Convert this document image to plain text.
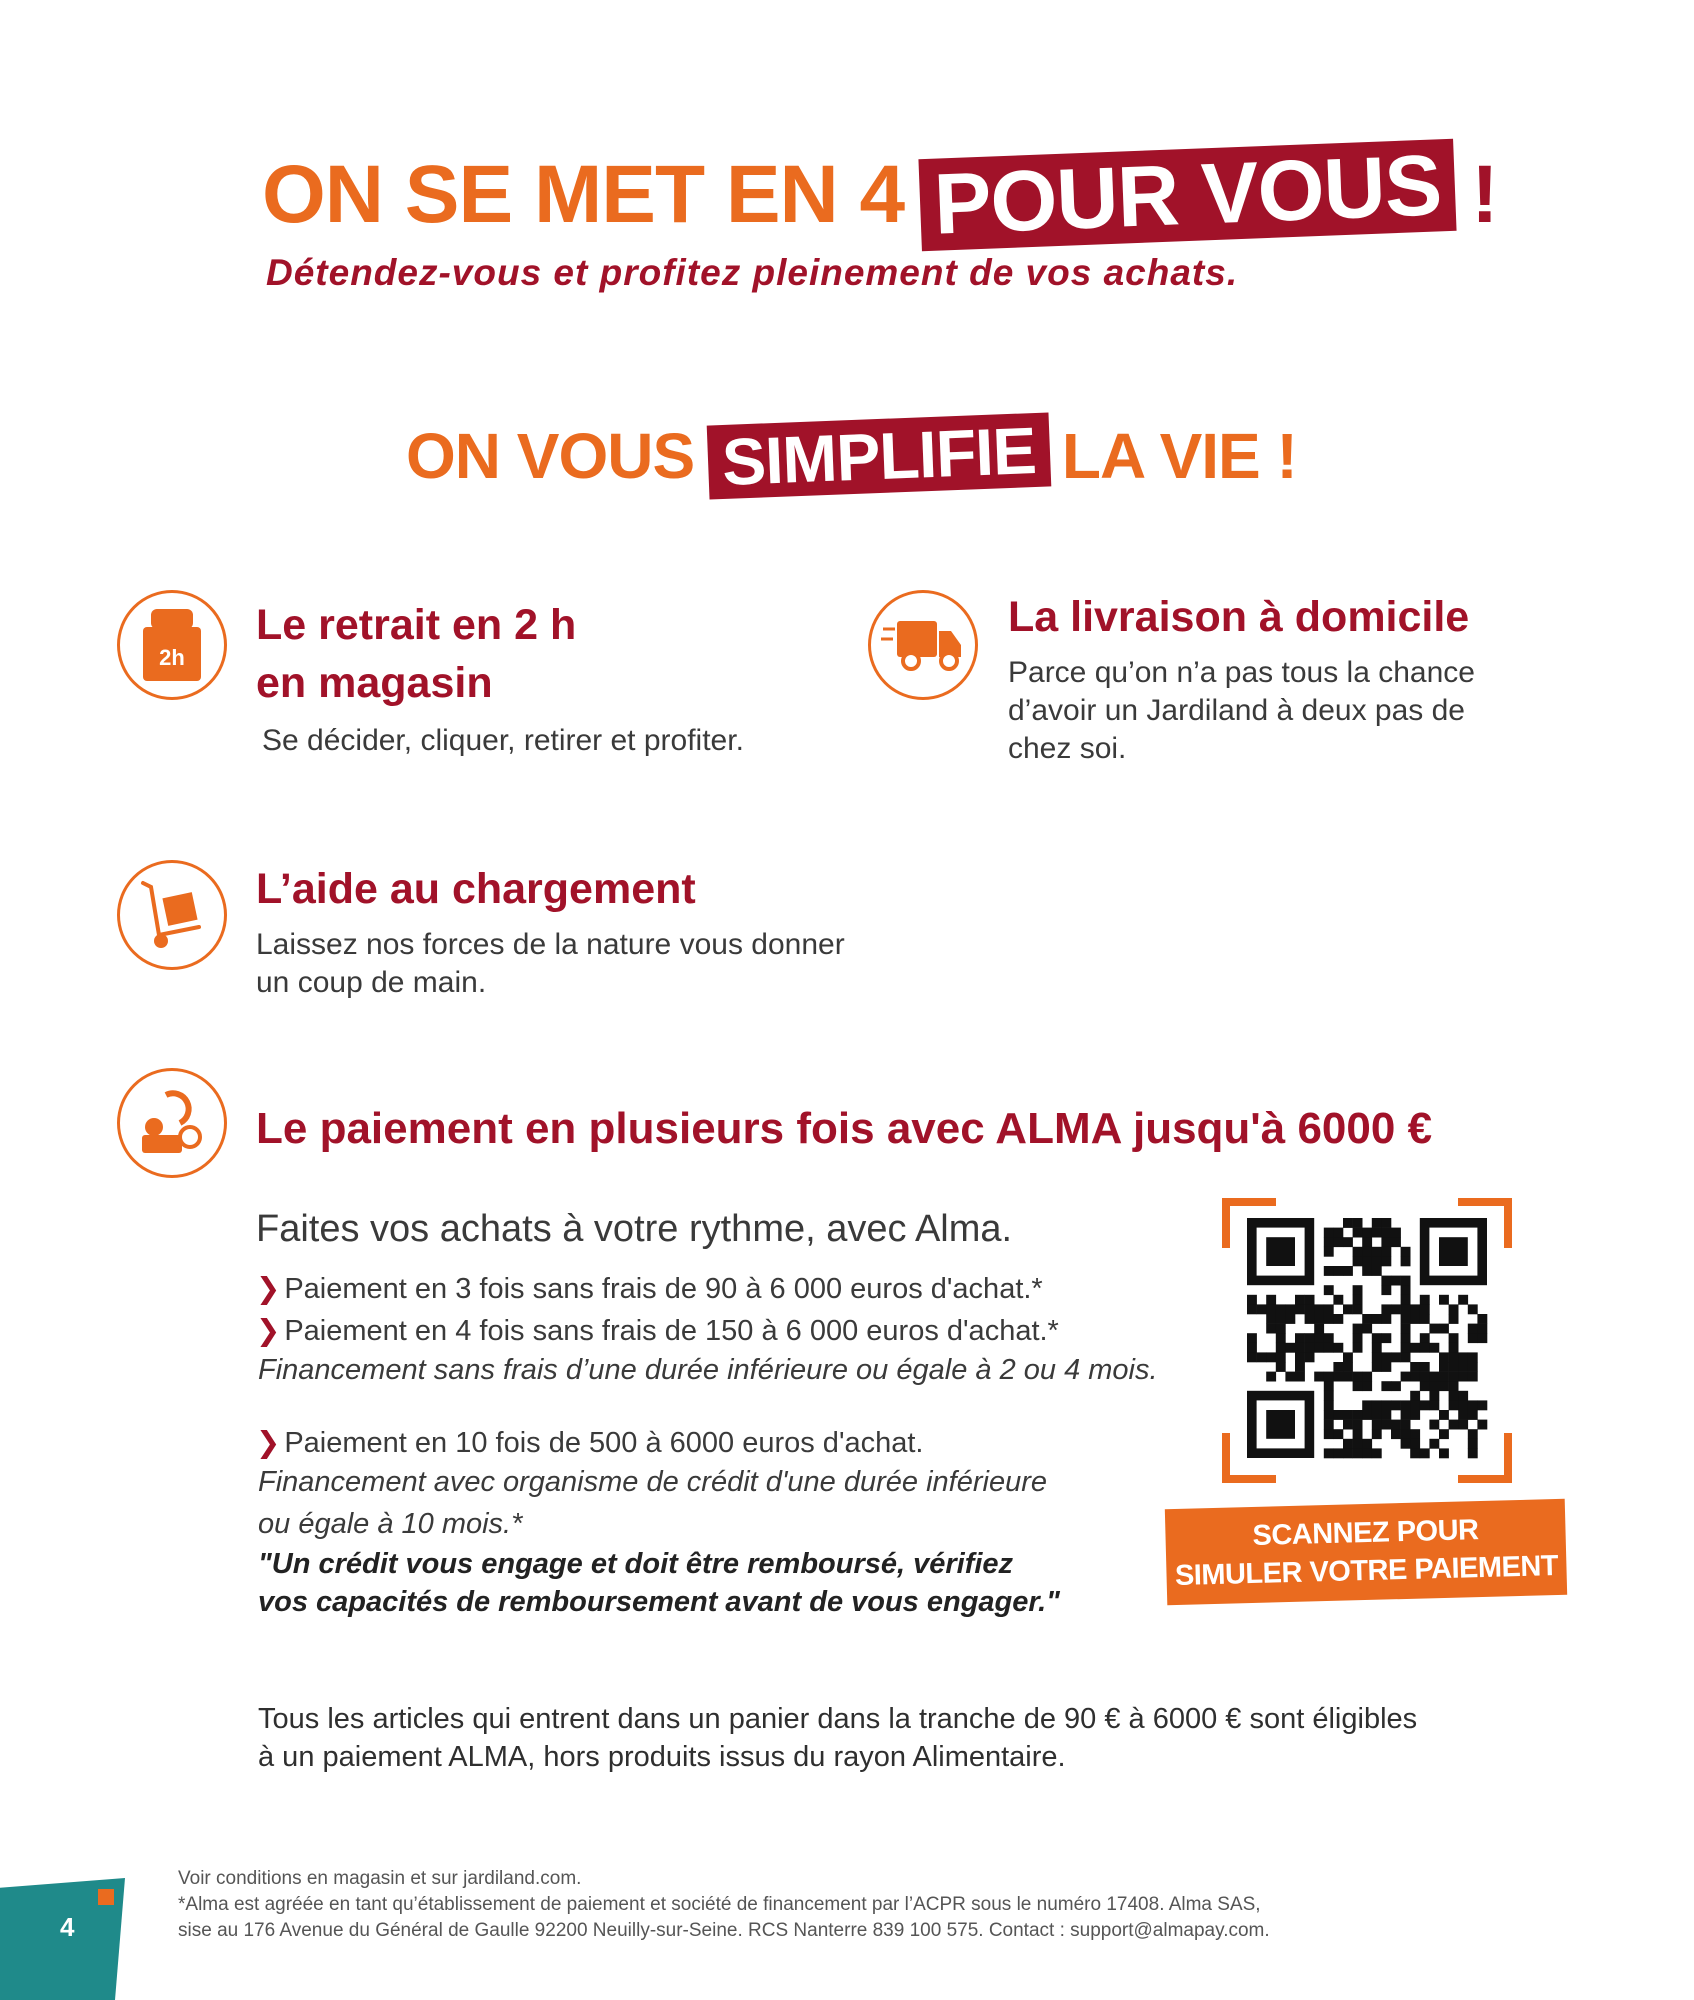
ON SE MET EN 4 POUR VOUS !
Détendez-vous et profitez pleinement de vos achats.
ON VOUS SIMPLIFIE LA VIE !
2h
Le retrait en 2 h
en magasin
Se décider, cliquer, retirer et profiter.
La livraison à domicile
Parce qu’on n’a pas tous la chance
d’avoir un Jardiland à deux pas de
chez soi.
L’aide au chargement
Laissez nos forces de la nature vous donner
un coup de main.
Le paiement en plusieurs fois avec ALMA jusqu'à 6000 €
Faites vos achats à votre rythme, avec Alma.
❯ Paiement en 3 fois sans frais de 90 à 6 000 euros d'achat.*
❯ Paiement en 4 fois sans frais de 150 à 6 000 euros d'achat.*
Financement sans frais d’une durée inférieure ou égale à 2 ou 4 mois.
❯ Paiement en 10 fois de 500 à 6000 euros d'achat.
Financement avec organisme de crédit d'une durée inférieure
ou égale à 10 mois.*
"Un crédit vous engage et doit être remboursé, vérifiez
vos capacités de remboursement avant de vous engager."
SCANNEZ POUR
SIMULER VOTRE PAIEMENT
Tous les articles qui entrent dans un panier dans la tranche de 90 € à 6000 € sont éligibles
à un paiement ALMA, hors produits issus du rayon Alimentaire.
4
Voir conditions en magasin et sur jardiland.com.
*Alma est agréée en tant qu’établissement de paiement et société de financement par l’ACPR sous le numéro 17408. Alma SAS,
sise au 176 Avenue du Général de Gaulle 92200 Neuilly-sur-Seine. RCS Nanterre 839 100 575. Contact : support@almapay.com.
